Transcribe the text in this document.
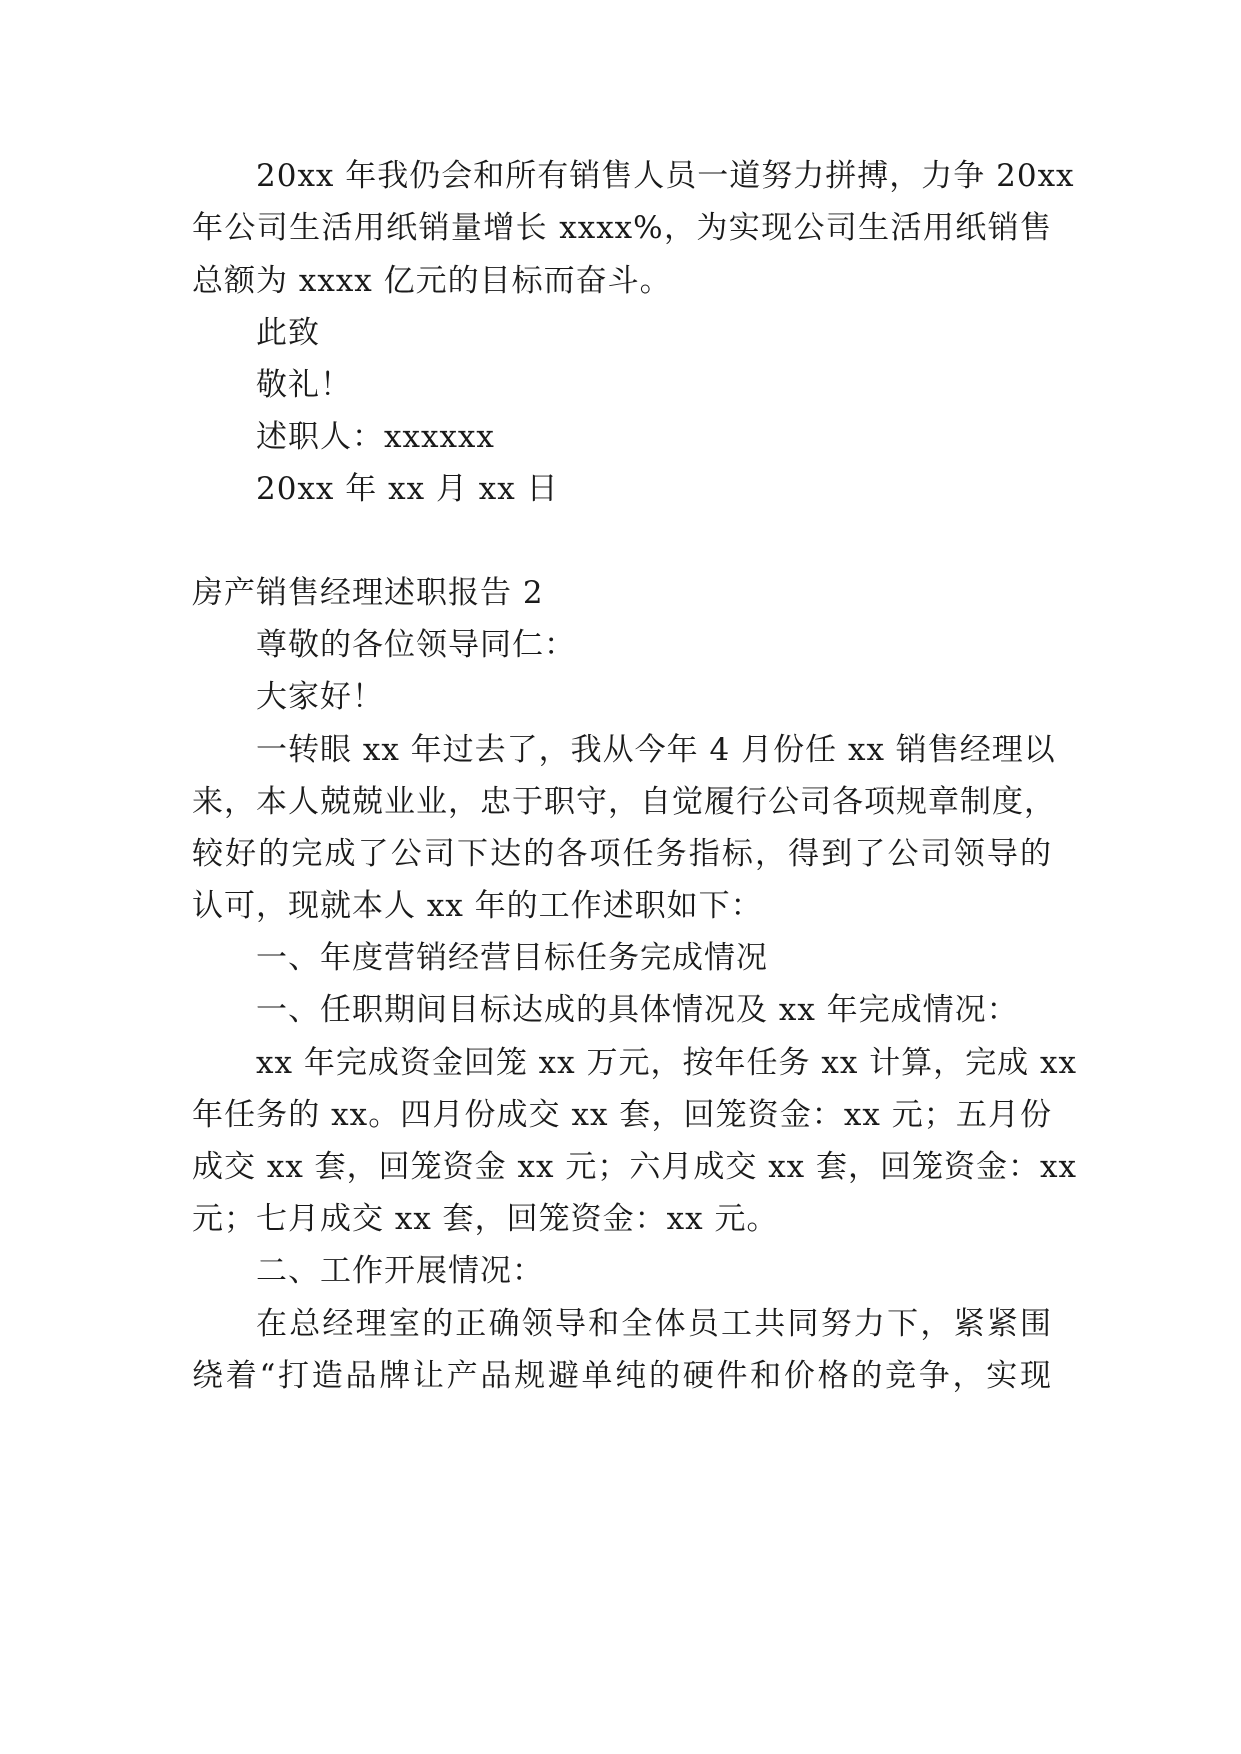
20xx 年我仍会和所有销售人员一道努力拼搏，力争 20xx
年公司生活用纸销量增长 xxxx%，为实现公司生活用纸销售
总额为 xxxx 亿元的目标而奋斗。
此致
敬礼！
述职人：xxxxxx
20xx 年 xx 月 xx 日
房产销售经理述职报告 2
尊敬的各位领导同仁：
大家好！
一转眼 xx 年过去了，我从今年 4 月份任 xx 销售经理以
来，本人兢兢业业，忠于职守，自觉履行公司各项规章制度，
较好的完成了公司下达的各项任务指标，得到了公司领导的
认可，现就本人 xx 年的工作述职如下：
一、年度营销经营目标任务完成情况
一、任职期间目标达成的具体情况及 xx 年完成情况：
xx 年完成资金回笼 xx 万元，按年任务 xx 计算，完成 xx
年任务的 xx。四月份成交 xx 套，回笼资金：xx 元；五月份
成交 xx 套，回笼资金 xx 元；六月成交 xx 套，回笼资金：xx
元；七月成交 xx 套，回笼资金：xx 元。
二、工作开展情况：
在总经理室的正确领导和全体员工共同努力下，紧紧围
绕着“打造品牌让产品规避单纯的硬件和价格的竞争，实现
